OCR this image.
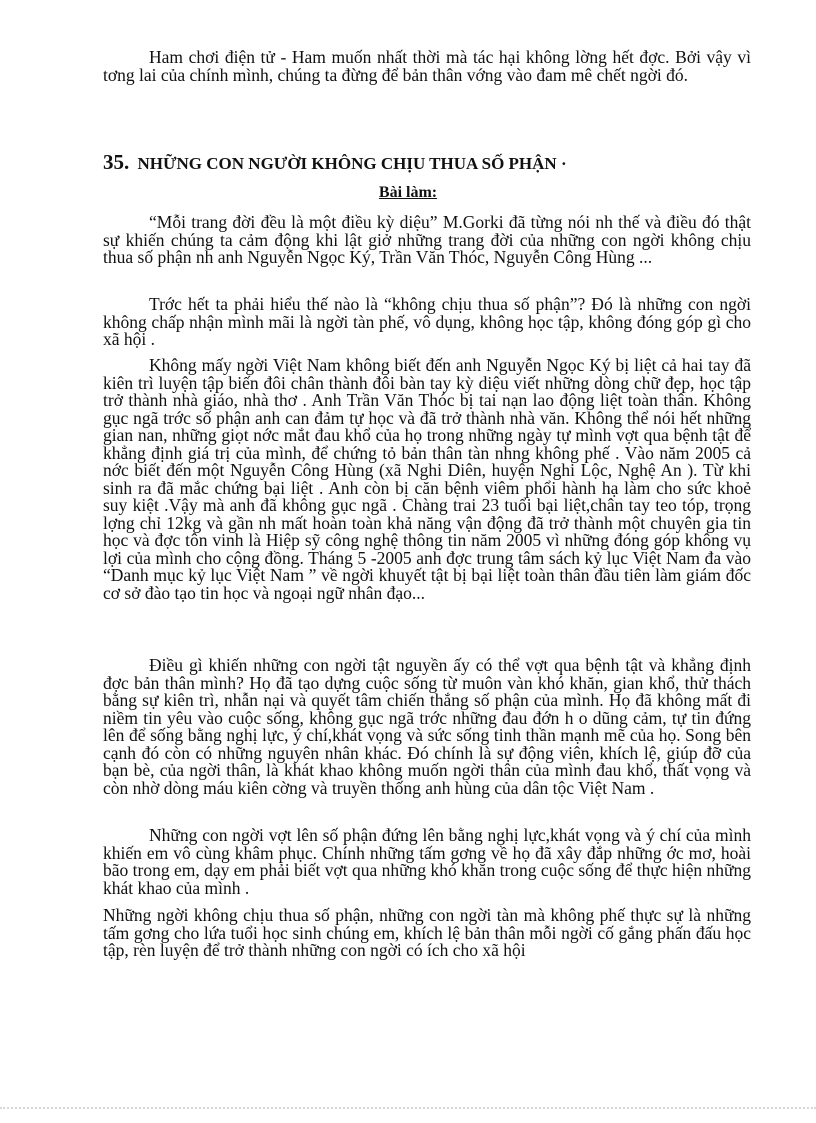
Ham chơi điện tử - Ham muốn nhất thời mà tác hại không lờng hết đợc. Bởi vậy vì tơng lai của chính mình, chúng ta đừng để bản thân vớng vào đam mê chết ngời đó.

35. NHỮNG CON NGƯỜI KHÔNG CHỊU THUA SỐ PHẬN ·
Bài làm:

“Mỗi trang đời đều là một điều kỳ diệu” M.Gorki đã từng nói nh thế và điều đó thật sự khiến chúng ta cảm động khi lật giở những trang đời của những con ngời không chịu thua số phận nh anh Nguyễn Ngọc Ký, Trần Văn Thóc, Nguyễn Công Hùng ...

Trớc hết ta phải hiểu thế nào là “không chịu thua số phận”? Đó là những con ngời không chấp nhận mình mãi là ngời tàn phế, vô dụng, không học tập, không đóng góp gì cho xã hội .

Không mấy ngời Việt Nam không biết đến anh Nguyễn Ngọc Ký bị liệt cả hai tay đã kiên trì luyện tập biến đôi chân thành đôi bàn tay kỳ diệu viết những dòng chữ đẹp, học tập trở thành nhà giáo, nhà thơ . Anh Trần Văn Thóc bị tai nạn lao động liệt toàn thân. Không gục ngã trớc số phận anh can đảm tự học và đã trở thành nhà văn. Không thể nói hết những gian nan, những giọt nớc mắt đau khổ của họ trong những ngày tự mình vợt qua bệnh tật để khẳng định giá trị của mình, để chứng tỏ bản thân tàn nhng không phế . Vào năm 2005 cả nớc biết đến một Nguyễn Công Hùng (xã Nghi Diên, huyện Nghi Lộc, Nghệ An ). Từ khi sinh ra đã mắc chứng bại liệt . Anh còn bị căn bệnh viêm phổi hành hạ làm cho sức khoẻ suy kiệt .Vậy mà anh đã không gục ngã . Chàng trai 23 tuổi bại liệt,chân tay teo tóp, trọng lợng chỉ 12kg và gần nh mất hoàn toàn khả năng vận động đã trở thành một chuyên gia tin học và đợc tôn vinh là Hiệp sỹ công nghệ thông tin năm 2005 vì những đóng góp không vụ lợi của mình cho cộng đồng. Tháng 5 -2005 anh đợc trung tâm sách kỷ lục Việt Nam đa vào “Danh mục kỷ lục Việt Nam ” về ngời khuyết tật bị bại liệt toàn thân đầu tiên làm giám đốc cơ sở đào tạo tin học và ngoại ngữ nhân đạo...

Điều gì khiến những con ngời tật nguyền ấy có thể vợt qua bệnh tật và khẳng định đợc bản thân mình? Họ đã tạo dựng cuộc sống từ muôn vàn khó khăn, gian khổ, thử thách bằng sự kiên trì, nhẫn nại và quyết tâm chiến thắng số phận của mình. Họ đã không mất đi niềm tin yêu vào cuộc sống, không gục ngã trớc những đau đớn h o dũng cảm, tự tin đứng lên để sống bằng nghị lực, ý chí,khát vọng và sức sống tinh thần mạnh mẽ của họ. Song bên cạnh đó còn có những nguyên nhân khác. Đó chính là sự động viên, khích lệ, giúp đỡ của bạn bè, của ngời thân, là khát khao không muốn ngời thân của mình đau khổ, thất vọng và còn nhờ dòng máu kiên cờng và truyền thống anh hùng của dân tộc Việt Nam .

Những con ngời vợt lên số phận đứng lên bằng nghị lực,khát vọng và ý chí của mình khiến em vô cùng khâm phục. Chính những tấm gơng về họ đã xây đắp những ớc mơ, hoài bão trong em, dạy em phải biết vợt qua những khó khăn trong cuộc sống để thực hiện những khát khao của mình .

Những ngời không chịu thua số phận, những con ngời tàn mà không phế thực sự là những tấm gơng cho lứa tuổi học sinh chúng em, khích lệ bản thân mỗi ngời cố gắng phấn đấu học tập, rèn luyện để trở thành những con ngời có ích cho xã hội
